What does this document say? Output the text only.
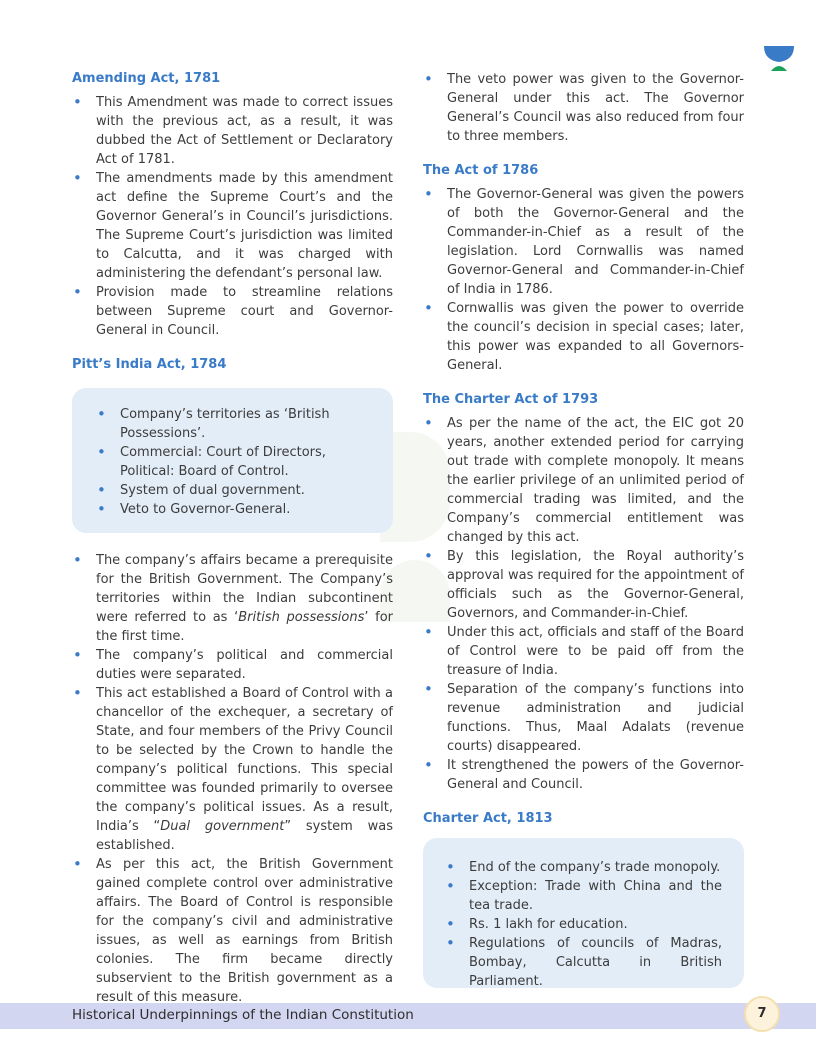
Amending Act, 1781
• This Amendment was made to correct issues with the previous act, as a result, it was dubbed the Act of Settlement or Declaratory Act of 1781.
• The amendments made by this amendment act define the Supreme Court’s and the Governor General’s in Council’s jurisdictions. The Supreme Court’s jurisdiction was limited to Calcutta, and it was charged with administering the defendant’s personal law.
• Provision made to streamline relations between Supreme court and Governor-General in Council.
Pitt’s India Act, 1784
• Company’s territories as ‘British Possessions’.
• Commercial: Court of Directors, Political: Board of Control.
• System of dual government.
• Veto to Governor-General.
• The company’s affairs became a prerequisite for the British Government. The Company’s territories within the Indian subcontinent were referred to as ‘British possessions’ for the first time.
• The company’s political and commercial duties were separated.
• This act established a Board of Control with a chancellor of the exchequer, a secretary of State, and four members of the Privy Council to be selected by the Crown to handle the company’s political functions. This special committee was founded primarily to oversee the company’s political issues. As a result, India’s “Dual government” system was established.
• As per this act, the British Government gained complete control over administrative affairs. The Board of Control is responsible for the company’s civil and administrative issues, as well as earnings from British colonies. The firm became directly subservient to the British government as a result of this measure.
• The veto power was given to the Governor-General under this act. The Governor General’s Council was also reduced from four to three members.
The Act of 1786
• The Governor-General was given the powers of both the Governor-General and the Commander-in-Chief as a result of the legislation. Lord Cornwallis was named Governor-General and Commander-in-Chief of India in 1786.
• Cornwallis was given the power to override the council’s decision in special cases; later, this power was expanded to all Governors-General.
The Charter Act of 1793
• As per the name of the act, the EIC got 20 years, another extended period for carrying out trade with complete monopoly. It means the earlier privilege of an unlimited period of commercial trading was limited, and the Company’s commercial entitlement was changed by this act.
• By this legislation, the Royal authority’s approval was required for the appointment of officials such as the Governor-General, Governors, and Commander-in-Chief.
• Under this act, officials and staff of the Board of Control were to be paid off from the treasure of India.
• Separation of the company’s functions into revenue administration and judicial functions. Thus, Maal Adalats (revenue courts) disappeared.
• It strengthened the powers of the Governor-General and Council.
Charter Act, 1813
• End of the company’s trade monopoly.
• Exception: Trade with China and the tea trade.
• Rs. 1 lakh for education.
• Regulations of councils of Madras, Bombay, Calcutta in British Parliament.
Historical Underpinnings of the Indian Constitution	7
